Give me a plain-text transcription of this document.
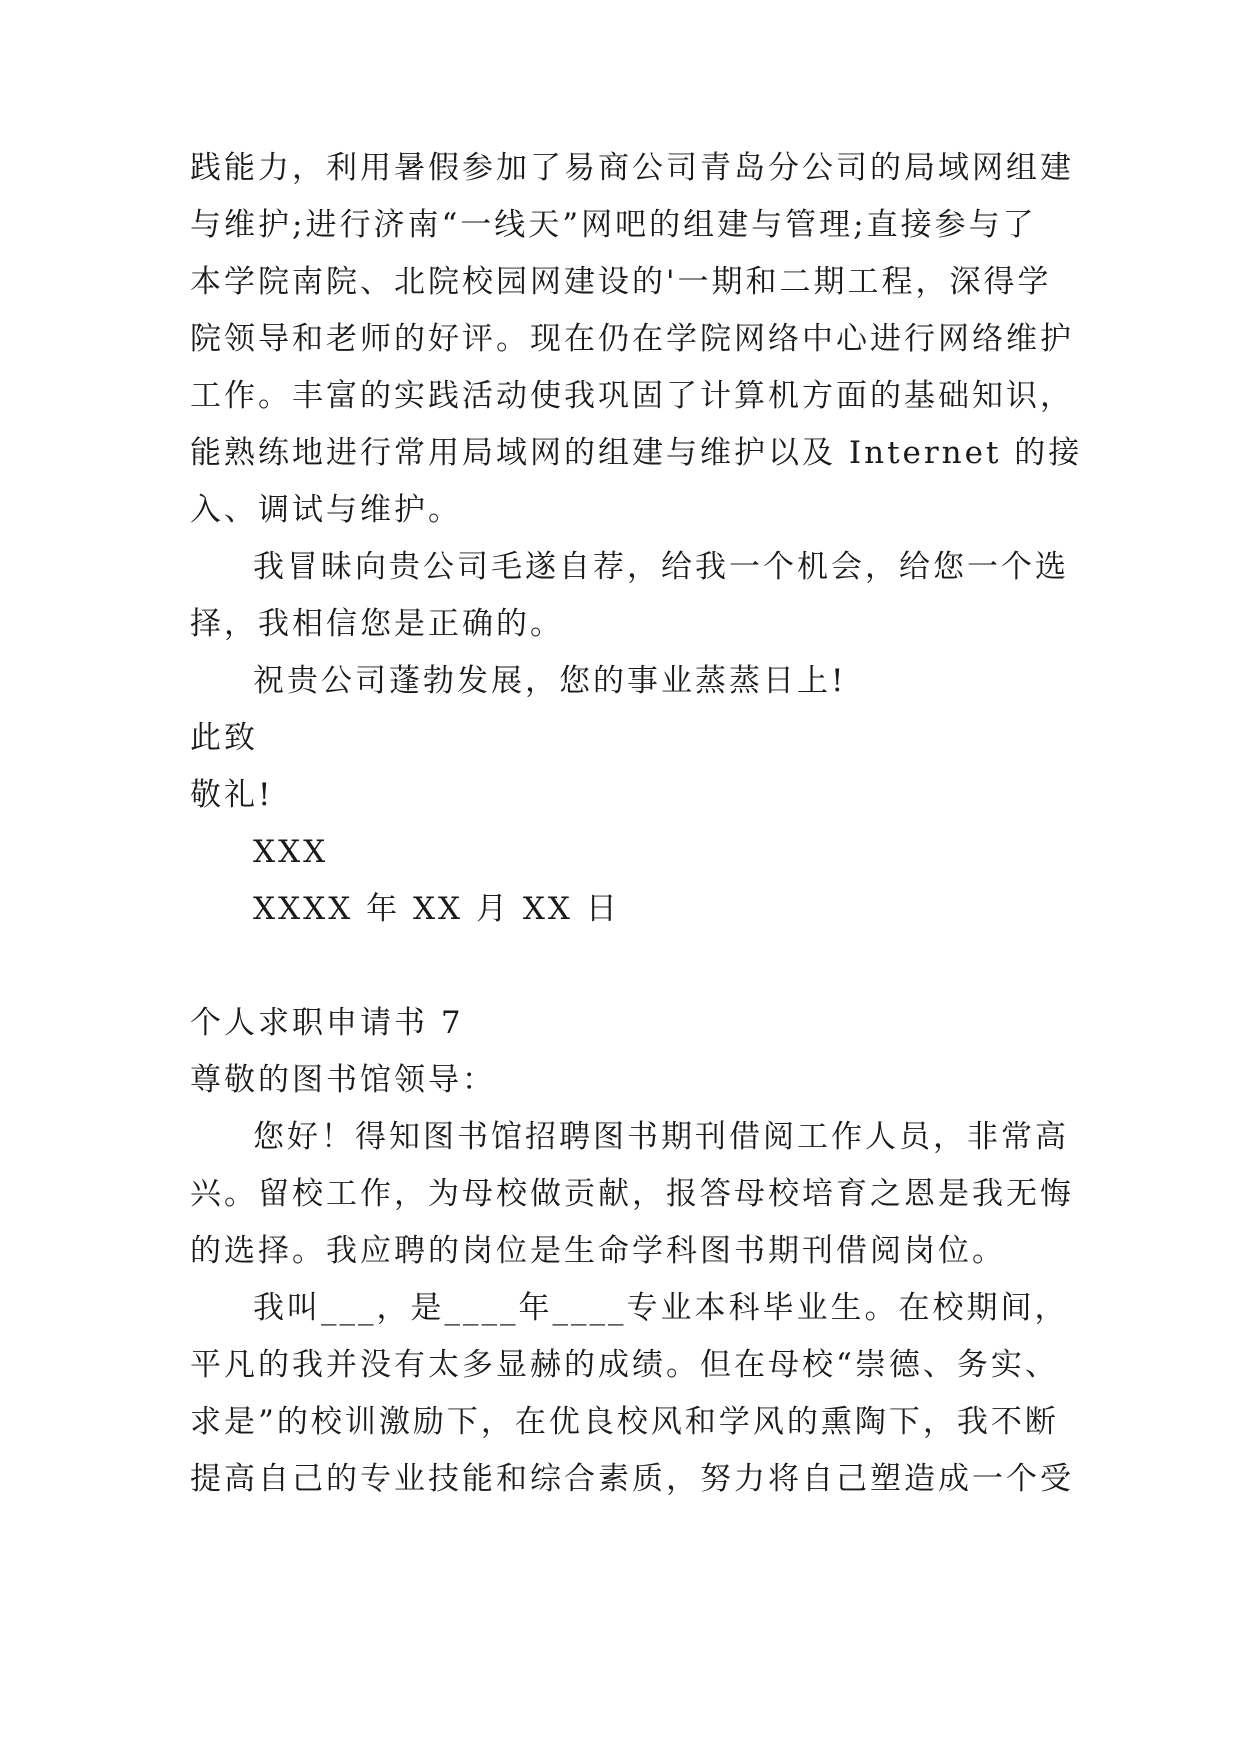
践能力，利用暑假参加了易商公司青岛分公司的局域网组建

与维护;进行济南“一线天”网吧的组建与管理;直接参与了

本学院南院、北院校园网建设的'一期和二期工程，深得学

院领导和老师的好评。现在仍在学院网络中心进行网络维护

工作。丰富的实践活动使我巩固了计算机方面的基础知识，

能熟练地进行常用局域网的组建与维护以及 Internet 的接

入、调试与维护。

我冒昧向贵公司毛遂自荐，给我一个机会，给您一个选

择，我相信您是正确的。

祝贵公司蓬勃发展，您的事业蒸蒸日上!

此致

敬礼!

XXX

XXXX 年 XX 月 XX 日

个人求职申请书 7

尊敬的图书馆领导：

您好！得知图书馆招聘图书期刊借阅工作人员，非常高

兴。留校工作，为母校做贡献，报答母校培育之恩是我无悔

的选择。我应聘的岗位是生命学科图书期刊借阅岗位。

我叫___，是____年____专业本科毕业生。在校期间，

平凡的我并没有太多显赫的成绩。但在母校“崇德、务实、

求是”的校训激励下，在优良校风和学风的熏陶下，我不断

提高自己的专业技能和综合素质，努力将自己塑造成一个受
